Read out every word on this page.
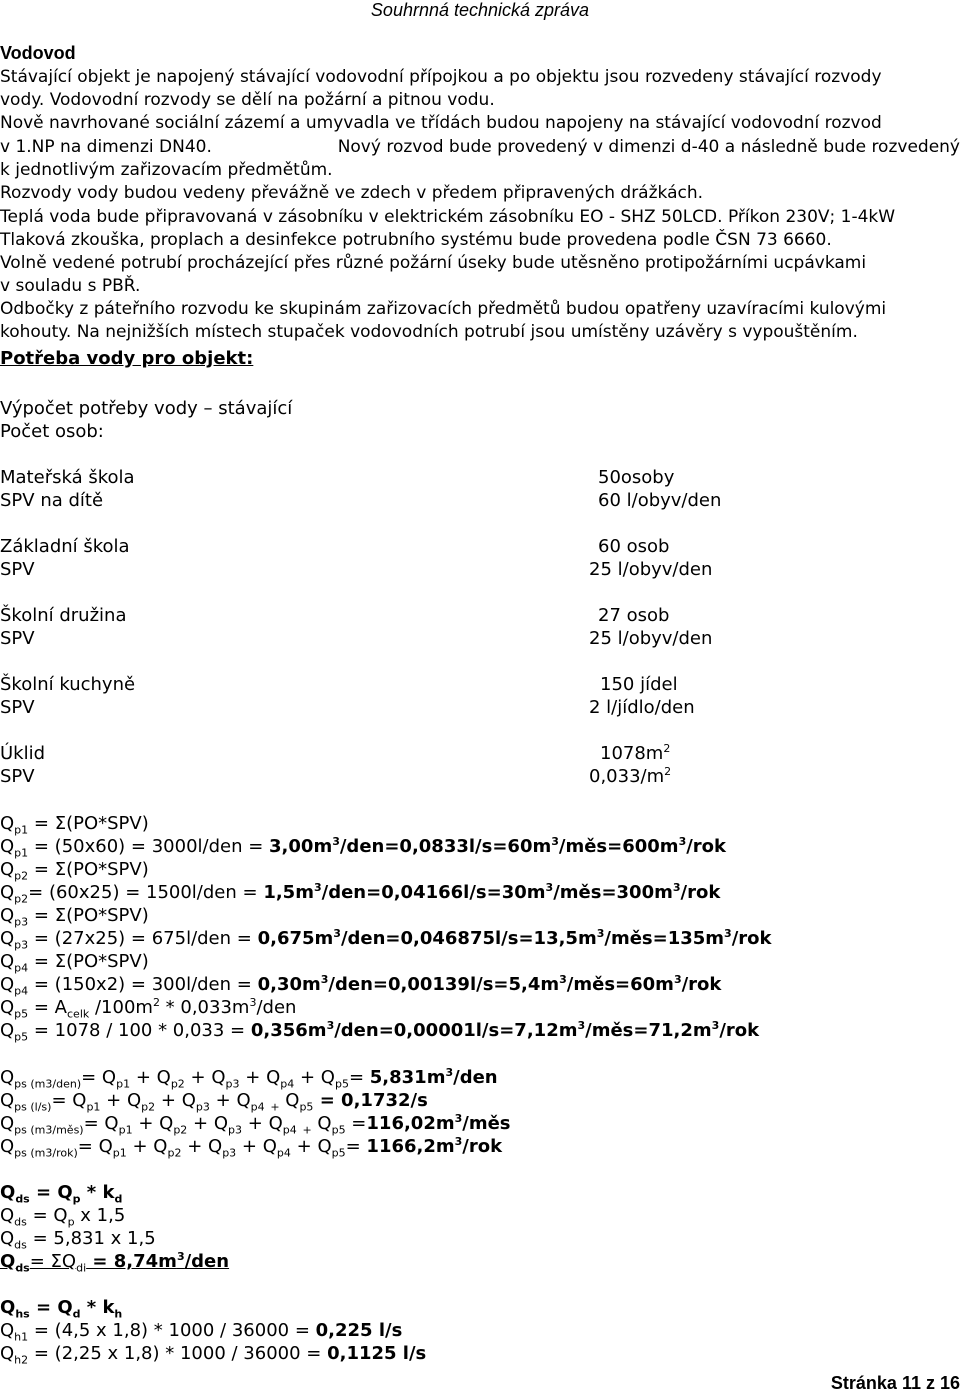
Souhrnná technická zpráva
Vodovod
Stávající objekt je napojený stávající vodovodní přípojkou a po objektu jsou rozvedeny stávající rozvody
vody. Vodovodní rozvody se dělí na požární a pitnou vodu.
Nově navrhované sociální zázemí a umyvadla ve třídách budou napojeny na stávající vodovodní rozvod
v 1.NP na dimenzi DN40.	Nový rozvod bude provedený v dimenzi d-40 a následně bude rozvedený
k jednotlivým zařizovacím předmětům.
Rozvody vody budou vedeny převážně ve zdech v předem připravených drážkách.
Teplá voda bude připravovaná v zásobníku v elektrickém zásobníku EO - SHZ 50LCD. Příkon 230V; 1-4kW
Tlaková zkouška, proplach a desinfekce potrubního systému bude provedena podle ČSN 73 6660.
Volně vedené potrubí procházející přes různé požární úseky bude utěsněno protipožárními ucpávkami
v souladu s PBŘ.
Odbočky z páteřního rozvodu ke skupinám zařizovacích předmětů budou opatřeny uzavíracími kulovými
kohouty. Na nejnižších místech stupaček vodovodních potrubí jsou umístěny uzávěry s vypouštěním.
Potřeba vody pro objekt:
Výpočet potřeby vody – stávající
Počet osob:
Mateřská škola
SPV na dítě
Základní škola
SPV
Školní družina
SPV
Školní kuchyně
SPV
Úklid
SPV
50osoby
60 l/obyv/den
60 osob
25 l/obyv/den
27 osob
25 l/obyv/den
150 jídel
2 l/jídlo/den
$1078m^2$
$0,033/m^2$
$Q_{p1} = \Sigma(PO*SPV)$
$Q_{p1} = (50x60) = 3000l/den$ = $3,00m^3/den=0,0833l/s=60m^3/měs=600m^3$/rok
$Q_{p2} = \Sigma(PO*SPV)$
$Q_{p2}= (60x25) = 1500l/den$ = $1,5m^3/den=0,04166l/s=30m^3/měs=300m^3$/rok
$Q_{p3} = \Sigma(PO*SPV)$
$Q_{p3} = (27x25) = 675l/den$ = $0,675m^3/den=0,046875l/s=13,5m^3/měs=135m^3$/rok
$Q_{p4} = \Sigma(PO*SPV)$
$Q_{p4} = (150x2) = 300l/den$ = $0,30m^3/den=0,00139l/s=5,4m^3/měs=60m^3$/rok
$Q_{p5} = A_{celk}$ $/100m^2 * 0,033m^3/den$
$Q_{p5} = 1078 / 100 * 0,033$ = $0,356m^3/den=0,00001l/s=7,12m^3/měs=71,2m^3$/rok
$Q_{ps (m3/den)}= Q_{p1} + Q_{p2} + Q_{p3} + Q_{p4} + Q_{p5}= 5,831m^3/den$
$Q_{ps (l/s)}= Q_{p1} + Q_{p2} + Q_{p3} + Q_{p4}$ $_+$ $Q_{p5} = 0,1732/s$
$Q_{ps (m3/měs)}= Q_{p1} + Q_{p2} + Q_{p3} + Q_{p4}$ $_+$ $Q_{p5}$ $=116,02m^3$/měs
$Q_{ps (m3/rok)}= Q_{p1} + Q_{p2} + Q_{p3} + Q_{p4} + Q_{p5}= 1166,2m^3/rok$
$Q_{ds} = Q_p * k_d$
$Q_{ds} = Q_p$ x 1,5
$Q_{ds} = 5,831$ x 1,5
$Q_{ds}= \Sigma Q_{di} = 8,74m^3/den$
$Q_{hs} = Q_d * k_h$
$Q_{h1} = (4,5$ x 1,8) * 1000 / 36000 = 0,225 l/s
$Q_{h2} = (2,25$ x 1,8) * 1000 / 36000 = 0,1125 l/s
Stránka 11 z 16
